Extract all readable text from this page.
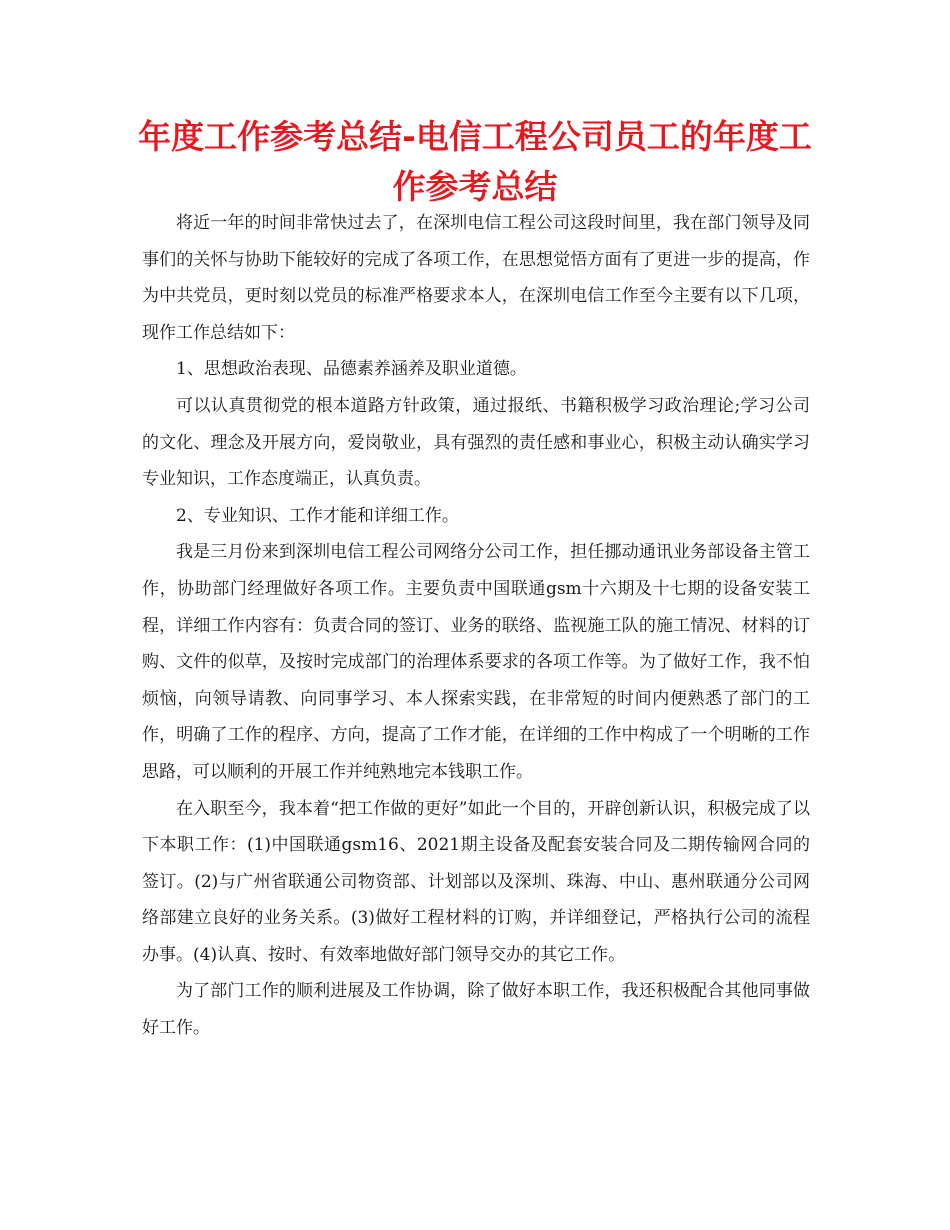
年度工作参考总结-电信工程公司员工的年度工作参考总结

将近一年的时间非常快过去了，在深圳电信工程公司这段时间里，我在部门领导及同事们的关怀与协助下能较好的完成了各项工作，在思想觉悟方面有了更进一步的提高，作为中共党员，更时刻以党员的标准严格要求本人，在深圳电信工作至今主要有以下几项，现作工作总结如下：

1、思想政治表现、品德素养涵养及职业道德。

可以认真贯彻党的根本道路方针政策，通过报纸、书籍积极学习政治理论;学习公司的文化、理念及开展方向，爱岗敬业，具有强烈的责任感和事业心，积极主动认确实学习专业知识，工作态度端正，认真负责。

2、专业知识、工作才能和详细工作。

我是三月份来到深圳电信工程公司网络分公司工作，担任挪动通讯业务部设备主管工作，协助部门经理做好各项工作。主要负责中国联通gsm十六期及十七期的设备安装工程，详细工作内容有：负责合同的签订、业务的联络、监视施工队的施工情况、材料的订购、文件的似草，及按时完成部门的治理体系要求的各项工作等。为了做好工作，我不怕烦恼，向领导请教、向同事学习、本人探索实践，在非常短的时间内便熟悉了部门的工作，明确了工作的程序、方向，提高了工作才能，在详细的工作中构成了一个明晰的工作思路，可以顺利的开展工作并纯熟地完本钱职工作。

在入职至今，我本着“把工作做的更好”如此一个目的，开辟创新认识，积极完成了以下本职工作：(1)中国联通gsm16、2021期主设备及配套安装合同及二期传输网合同的签订。(2)与广州省联通公司物资部、计划部以及深圳、珠海、中山、惠州联通分公司网络部建立良好的业务关系。(3)做好工程材料的订购，并详细登记，严格执行公司的流程办事。(4)认真、按时、有效率地做好部门领导交办的其它工作。

为了部门工作的顺利进展及工作协调，除了做好本职工作，我还积极配合其他同事做好工作。
